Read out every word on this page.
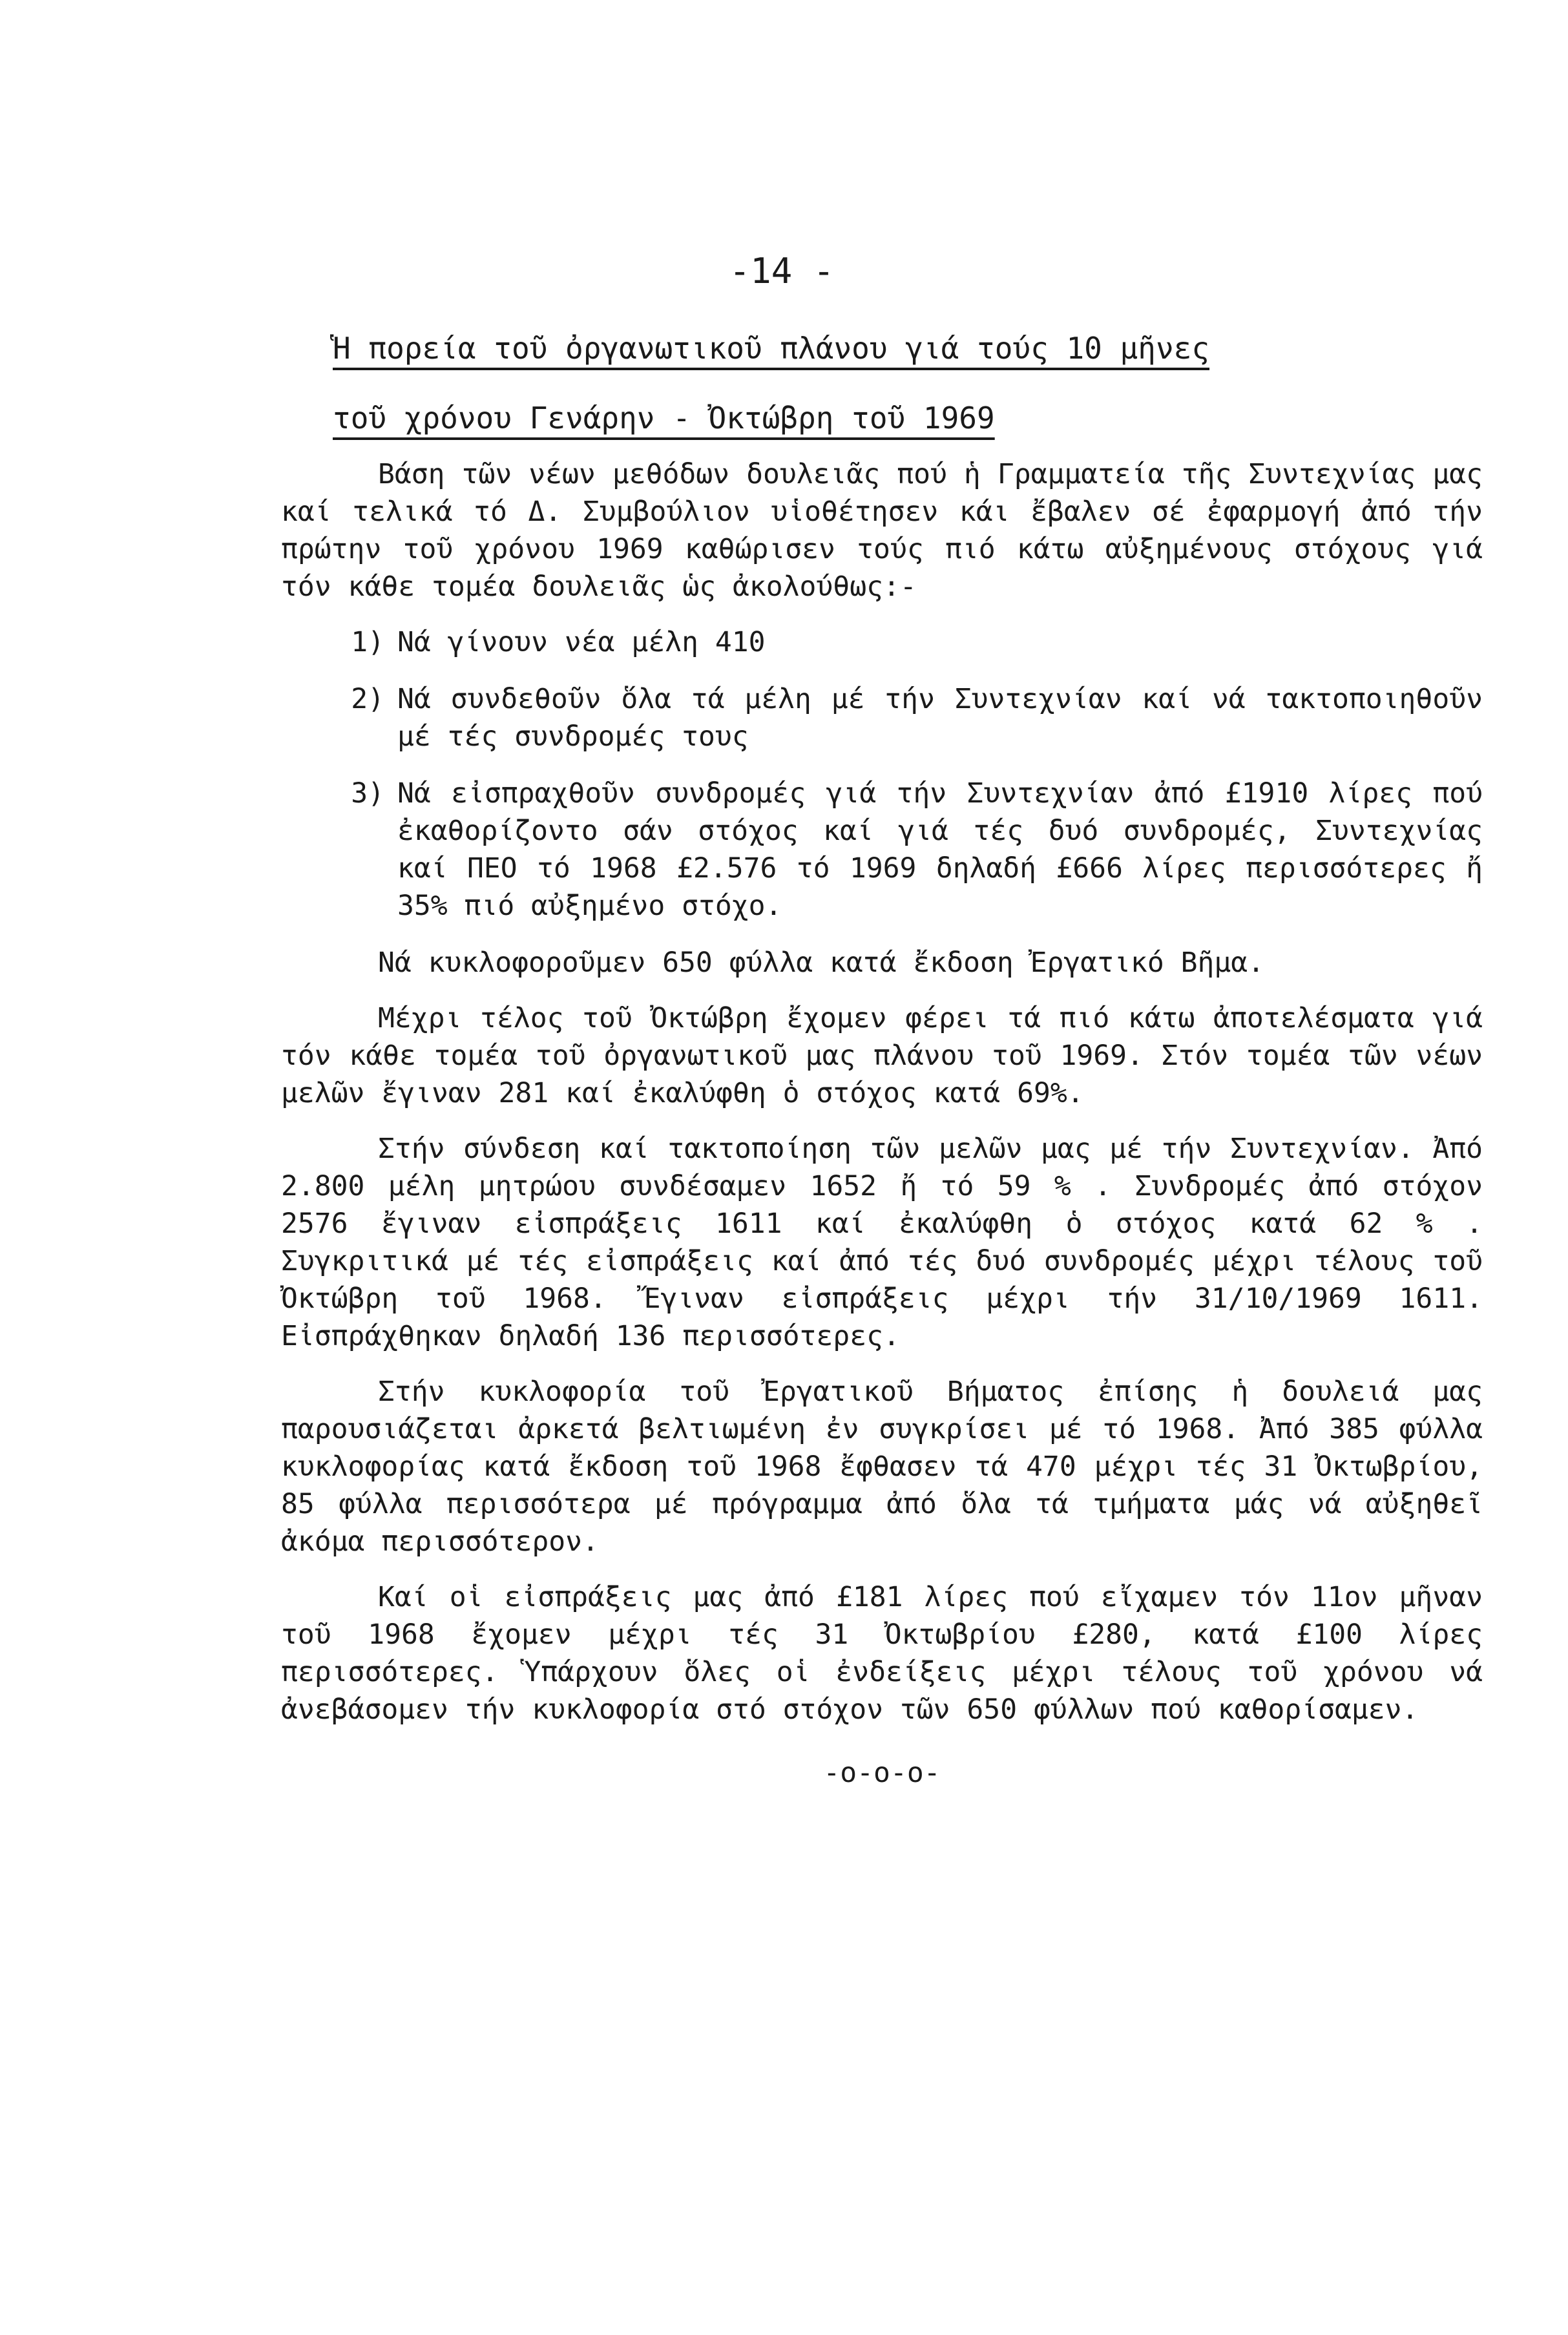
-14 -
Ἡ πορεία τοῦ ὀργανωτικοῦ πλάνου γιά τούς 10 μῆνες
τοῦ χρόνου Γενάρην - Ὀκτώβρη τοῦ 1969

Βάση τῶν νέων μεθόδων δουλειᾶς πού ἡ Γραμματεία τῆς Συντεχνίας μας καί τελικά τό Δ. Συμβούλιον υἱοθέτησεν κάι ἔβαλεν σέ ἐφαρμογή ἀπό τήν πρώτην τοῦ χρόνου 1969 καθώρισεν τούς πιό κάτω αὐξημένους στόχους γιά τόν κάθε τομέα δουλειᾶς ὡς ἀκολούθως:-

1) Νά γίνουν νέα μέλη 410
2) Νά συνδεθοῦν ὅλα τά μέλη μέ τήν Συντεχνίαν καί νά τακτοποιηθοῦν μέ τές συνδρομές τους
3) Νά εἰσπραχθοῦν συνδρομές γιά τήν Συντεχνίαν ἀπό £1910 λίρες πού ἐκαθορίζοντο σάν στόχος καί γιά τές δυό συνδρομές, Συντεχνίας καί ΠΕΟ τό 1968 £2.576 τό 1969 δηλαδή £666 λίρες περισσότερες ἤ 35% πιό αὐξημένο στόχο.

Νά κυκλοφοροῦμεν 650 φύλλα κατά ἔκδοση Ἐργατικό Βῆμα.

Μέχρι τέλος τοῦ Ὀκτώβρη ἔχομεν φέρει τά πιό κάτω ἀποτελέσματα γιά τόν κάθε τομέα τοῦ ὀργανωτικοῦ μας πλάνου τοῦ 1969. Στόν τομέα τῶν νέων μελῶν ἔγιναν 281 καί ἐκαλύφθη ὁ στόχος κατά 69%.

Στήν σύνδεση καί τακτοποίηση τῶν μελῶν μας μέ τήν Συντεχνίαν. Ἀπό 2.800 μέλη μητρώου συνδέσαμεν 1652 ἤ τό 59 % . Συνδρομές ἀπό στόχον 2576 ἔγιναν εἰσπράξεις 1611 καί ἐκαλύφθη ὁ στόχος κατά 62 % . Συγκριτικά μέ τές εἰσπράξεις καί ἀπό τές δυό συνδρομές μέχρι τέλους τοῦ Ὀκτώβρη τοῦ 1968. Ἔγιναν εἰσπράξεις μέχρι τήν 31/10/1969 1611. Εἰσπράχθηκαν δηλαδή 136 περισσότερες.

Στήν κυκλοφορία τοῦ Ἐργατικοῦ Βήματος ἐπίσης ἡ δουλειά μας παρουσιάζεται ἀρκετά βελτιωμένη ἐν συγκρίσει μέ τό 1968. Ἀπό 385 φύλλα κυκλοφορίας κατά ἔκδοση τοῦ 1968 ἔφθασεν τά 470 μέχρι τές 31 Ὀκτωβρίου, 85 φύλλα περισσότερα μέ πρόγραμμα ἀπό ὅλα τά τμήματα μάς νά αὐξηθεῖ ἀκόμα περισσότερον.

Καί οἱ εἰσπράξεις μας ἀπό £181 λίρες πού εἴχαμεν τόν 11ον μῆναν τοῦ 1968 ἔχομεν μέχρι τές 31 Ὀκτωβρίου £280, κατά £100 λίρες περισσότερες. Ὑπάρχουν ὅλες οἱ ἐνδείξεις μέχρι τέλους τοῦ χρόνου νά ἀνεβάσομεν τήν κυκλοφορία στό στόχον τῶν 650 φύλλων πού καθορίσαμεν.

-o-o-o-
